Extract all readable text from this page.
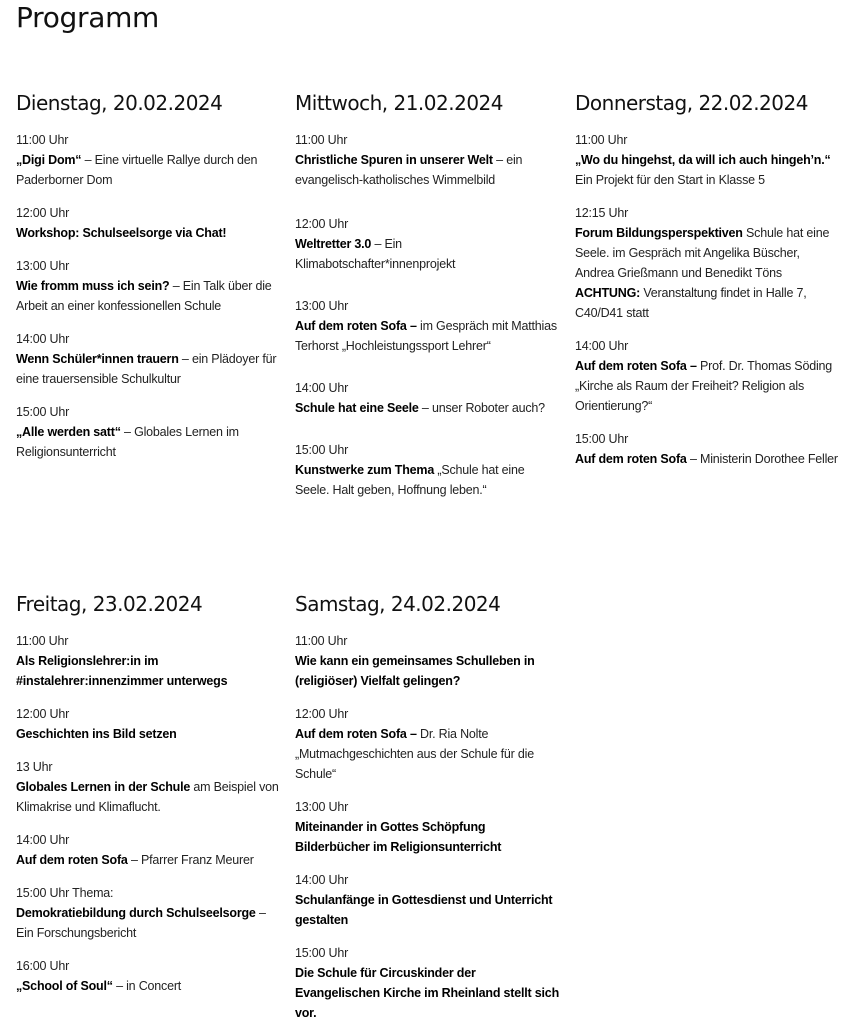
Programm
Dienstag, 20.02.2024
11:00 Uhr
„Digi Dom“ – Eine virtuelle Rallye durch den Paderborner Dom
12:00 Uhr
Workshop: Schulseelsorge via Chat!
13:00 Uhr
Wie fromm muss ich sein? – Ein Talk über die Arbeit an einer konfessionellen Schule
14:00 Uhr
Wenn Schüler*innen trauern – ein Plädoyer für eine trauersensible Schulkultur
15:00 Uhr
„Alle werden satt“ – Globales Lernen im Religionsunterricht
Mittwoch, 21.02.2024
11:00 Uhr
Christliche Spuren in unserer Welt – ein evangelisch-katholisches Wimmelbild
12:00 Uhr
Weltretter 3.0 – Ein Klimabotschafter*innenprojekt
13:00 Uhr
Auf dem roten Sofa – im Gespräch mit Matthias Terhorst „Hochleistungssport Lehrer“
14:00 Uhr
Schule hat eine Seele – unser Roboter auch?
15:00 Uhr
Kunstwerke zum Thema „Schule hat eine Seele. Halt geben, Hoffnung leben.“
Donnerstag, 22.02.2024
11:00 Uhr
„Wo du hingehst, da will ich auch hingeh’n.“ Ein Projekt für den Start in Klasse 5
12:15 Uhr
Forum Bildungsperspektiven Schule hat eine Seele. im Gespräch mit Angelika Büscher, Andrea Grießmann und Benedikt Töns
ACHTUNG: Veranstaltung findet in Halle 7, C40/D41 statt
14:00 Uhr
Auf dem roten Sofa – Prof. Dr. Thomas Söding „Kirche als Raum der Freiheit? Religion als Orientierung?“
15:00 Uhr
Auf dem roten Sofa – Ministerin Dorothee Feller
Freitag, 23.02.2024
11:00 Uhr
Als Religionslehrer:in im #instalehrer:innenzimmer unterwegs
12:00 Uhr
Geschichten ins Bild setzen
13 Uhr
Globales Lernen in der Schule am Beispiel von Klimakrise und Klimaflucht.
14:00 Uhr
Auf dem roten Sofa – Pfarrer Franz Meurer
15:00 Uhr Thema:
Demokratiebildung durch Schulseelsorge – Ein Forschungsbericht
16:00 Uhr
„School of Soul“ – in Concert
Samstag, 24.02.2024
11:00 Uhr
Wie kann ein gemeinsames Schulleben in (religiöser) Vielfalt gelingen?
12:00 Uhr
Auf dem roten Sofa – Dr. Ria Nolte „Mutmachgeschichten aus der Schule für die Schule“
13:00 Uhr
Miteinander in Gottes Schöpfung Bilderbücher im Religionsunterricht
14:00 Uhr
Schulanfänge in Gottesdienst und Unterricht gestalten
15:00 Uhr
Die Schule für Circuskinder der Evangelischen Kirche im Rheinland stellt sich vor.
